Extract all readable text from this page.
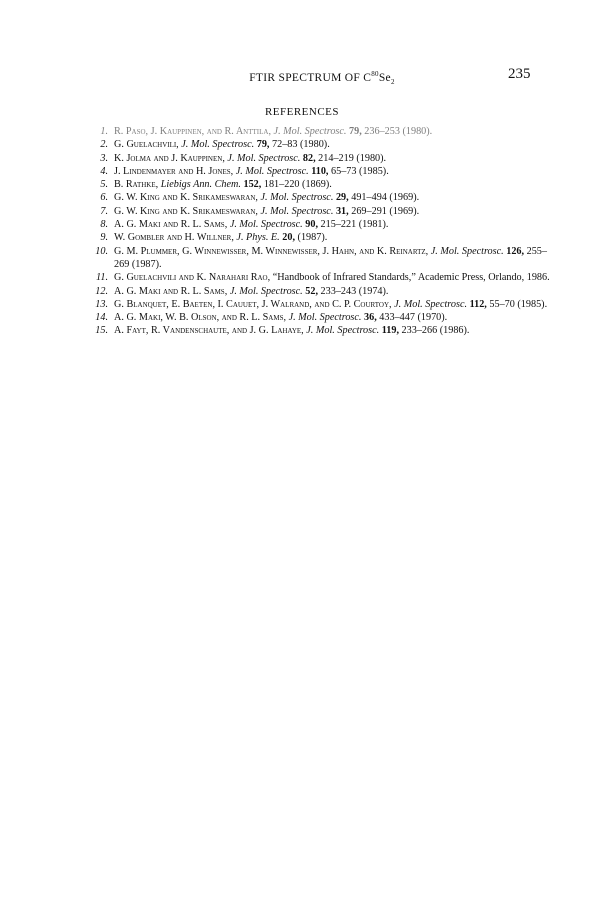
FTIR SPECTRUM OF $C^{80}Se_2$
235
REFERENCES
1. R. Paso, J. Kauppinen, and R. Anttila, J. Mol. Spectrosc. 79, 236–253 (1980).
2. G. Guelachvili, J. Mol. Spectrosc. 79, 72–83 (1980).
3. K. Jolma and J. Kauppinen, J. Mol. Spectrosc. 82, 214–219 (1980).
4. J. Lindenmayer and H. Jones, J. Mol. Spectrosc. 110, 65–73 (1985).
5. B. Rathke, Liebigs Ann. Chem. 152, 181–220 (1869).
6. G. W. King and K. Srikameswaran, J. Mol. Spectrosc. 29, 491–494 (1969).
7. G. W. King and K. Srikameswaran, J. Mol. Spectrosc. 31, 269–291 (1969).
8. A. G. Maki and R. L. Sams, J. Mol. Spectrosc. 90, 215–221 (1981).
9. W. Gombler and H. Willner, J. Phys. E. 20, (1987).
10. G. M. Plummer, G. Winnewisser, M. Winnewisser, J. Hahn, and K. Reinartz, J. Mol. Spectrosc. 126, 255–269 (1987).
11. G. Guelachvili and K. Narahari Rao, “Handbook of Infrared Standards,” Academic Press, Orlando, 1986.
12. A. G. Maki and R. L. Sams, J. Mol. Spectrosc. 52, 233–243 (1974).
13. G. Blanquet, E. Baeten, I. Cauuet, J. Walrand, and C. P. Courtoy, J. Mol. Spectrosc. 112, 55–70 (1985).
14. A. G. Maki, W. B. Olson, and R. L. Sams, J. Mol. Spectrosc. 36, 433–447 (1970).
15. A. Fayt, R. Vandenschaute, and J. G. Lahaye, J. Mol. Spectrosc. 119, 233–266 (1986).
